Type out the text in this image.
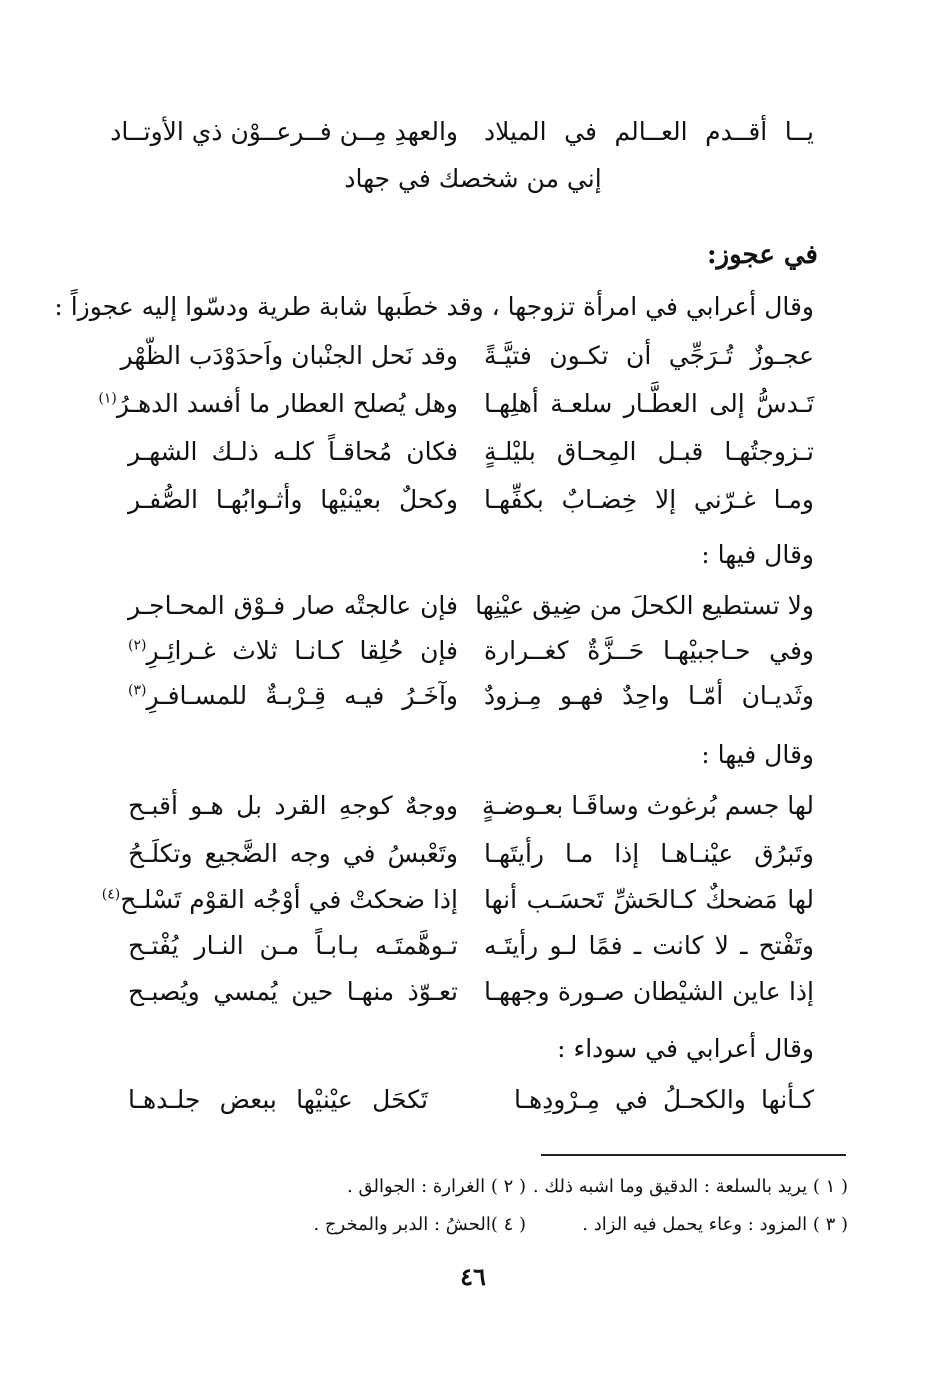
يــا أقــدم العــالم في الميلاد
والعهدِ مِــن فــرعــوْن ذي الأوتــاد
إني من شخصك في جهاد
في عجوز:
وقال أعرابي في امرأة تزوجها ، وقد خطَبها شابة طرية ودسّوا إليه عجوزاً :
عجـوزٌ تُـرَجِّي أن تكـون فتيَّـةً
وقد نَحل الجنْبان واَحدَوْدَب الظّهْر
تَـدسُّ إلى العطَّـار سلعـة أهلِهـا
وهل يُصلح العطار ما أفسد الدهـرُ$^{(١)}$
تـزوجتُهـا قبـل المِحـاق بليْلـةٍ
فكان مُحاقـاً كلـه ذلـك الشهـر
ومـا غـرّني إلا خِضـابٌ بكفِّهـا
وكحلٌ بعيْنيْها وأثـوابُهـا الصُّفـر
وقال فيها :
ولا تستطيع الكحلَ من ضِيق عيْنِها
فإن عالجتْه صار فـوْق المحـاجـر
وفي حـاجبيْهـا حَــزَّةٌ كغــرارة
فإن حُلِقا كـانـا ثلاث غـرائِـرِ$^{(٢)}$
وثَديـان أمّـا واحِدٌ فهـو مِـزودٌ
وآخَـرُ فيـه قِـرْبـةٌ للمسـافـرِ$^{(٣)}$
وقال فيها :
لها جسم بُرغوث وساقَـا بعـوضـةٍ
ووجهٌ كوجهِ القرد بل هـو أقبـح
وتَبرُق عيْنـاهـا إذا مـا رأيتَهـا
وتَعْبسُ في وجه الضَّجيع وتكلَـحُ
لها مَضحكٌ كـالحَشِّ تَحسَـب أنها
إذا ضحكتْ في أوْجُه القوْم تَسْلـح$^{(٤)}$
وتَفْتح ـ لا كانت ـ فمًا لـو رأيتَـه
تـوهَّمتَـه بـابـاً مـن النـار يُفْتـح
إذا عاين الشيْطان صـورة وجههـا
تعـوّذ منهـا حين يُمسي ويُصبـح
وقال أعرابي في سوداء :
كـأنها والكحـلُ في مِـرْودِهـا
تَكحَل عيْنيْها ببعض جلـدهـا
( ١ ) يريد بالسلعة : الدقيق وما اشبه ذلك .
( ٢ ) الغرارة : الجوالق .
( ٣ ) المزود : وعاء يحمل فيه الزاد .
( ٤ )الحشُ : الدبر والمخرج .
٤٦
